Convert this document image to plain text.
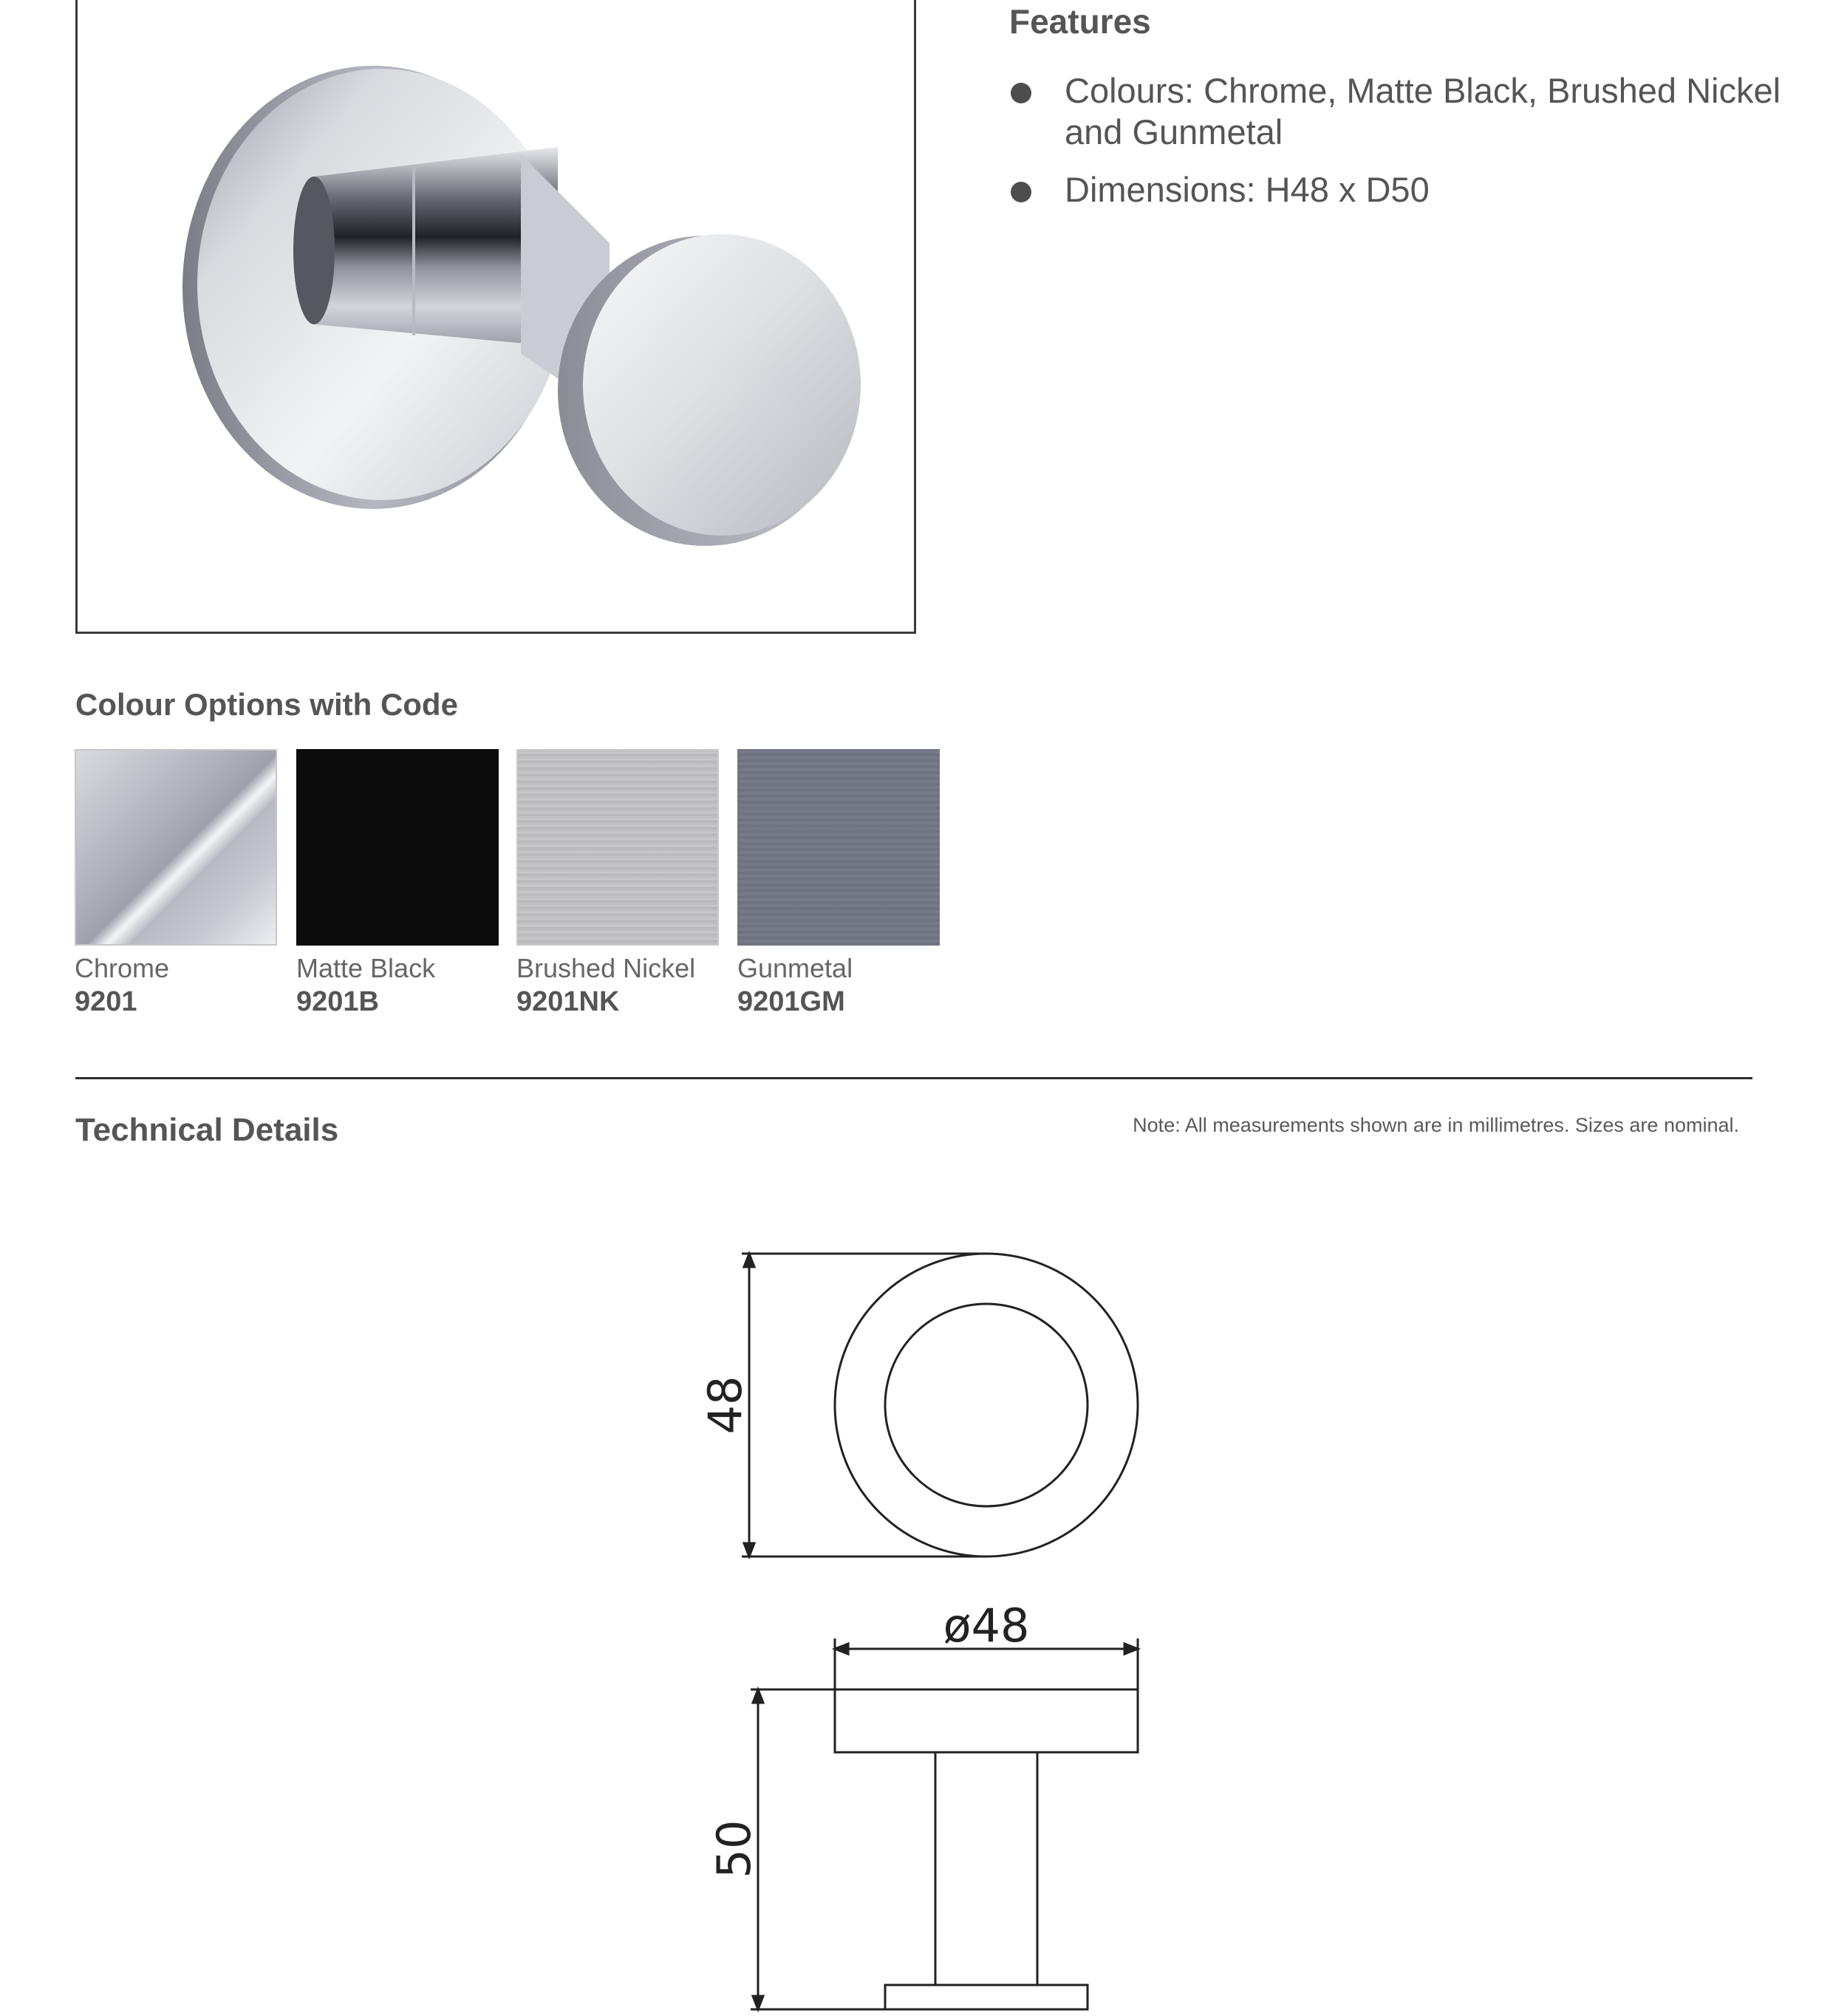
Features
Colours: Chrome, Matte Black, Brushed Nickel and Gunmetal
Dimensions: H48 x D50
Colour Options with Code
Chrome
9201
Matte Black
9201B
Brushed Nickel
9201NK
Gunmetal
9201GM
Technical Details	Note: All measurements shown are in millimetres. Sizes are nominal.
48
ø48
50
